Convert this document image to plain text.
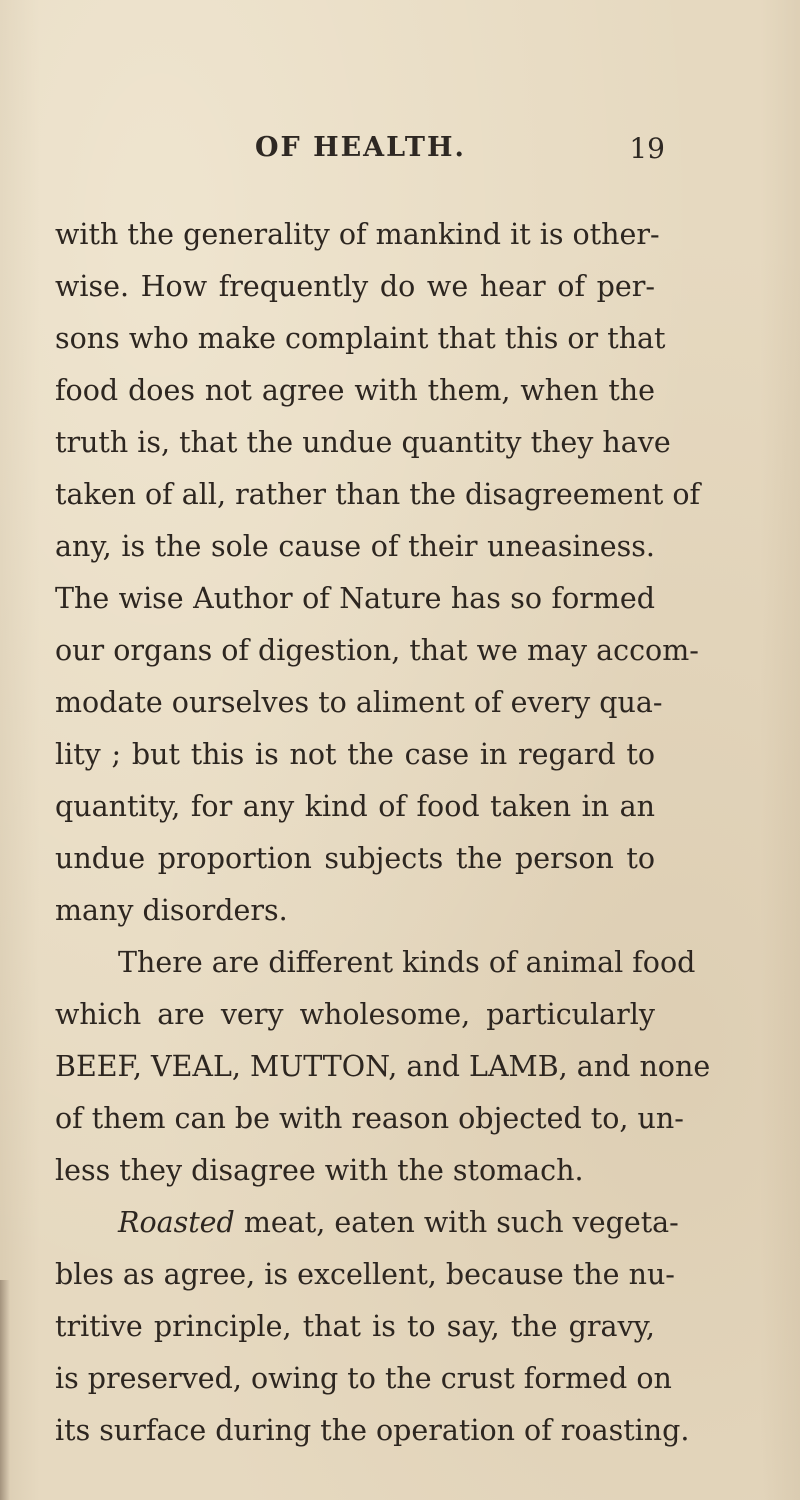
OF HEALTH.	19
with the generality of mankind it is other-
wise. How frequently do we hear of per-
sons who make complaint that this or that
food does not agree with them, when the
truth is, that the undue quantity they have
taken of all, rather than the disagreement of
any, is the sole cause of their uneasiness.
The wise Author of Nature has so formed
our organs of digestion, that we may accom-
modate ourselves to aliment of every qua-
lity ; but this is not the case in regard to
quantity, for any kind of food taken in an
undue proportion subjects the person to
many disorders.
There are different kinds of animal food
which are very wholesome, particularly
BEEF, VEAL, MUTTON, and LAMB, and none
of them can be with reason objected to, un-
less they disagree with the stomach.
Roasted meat, eaten with such vegeta-
bles as agree, is excellent, because the nu-
tritive principle, that is to say, the gravy,
is preserved, owing to the crust formed on
its surface during the operation of roasting.
